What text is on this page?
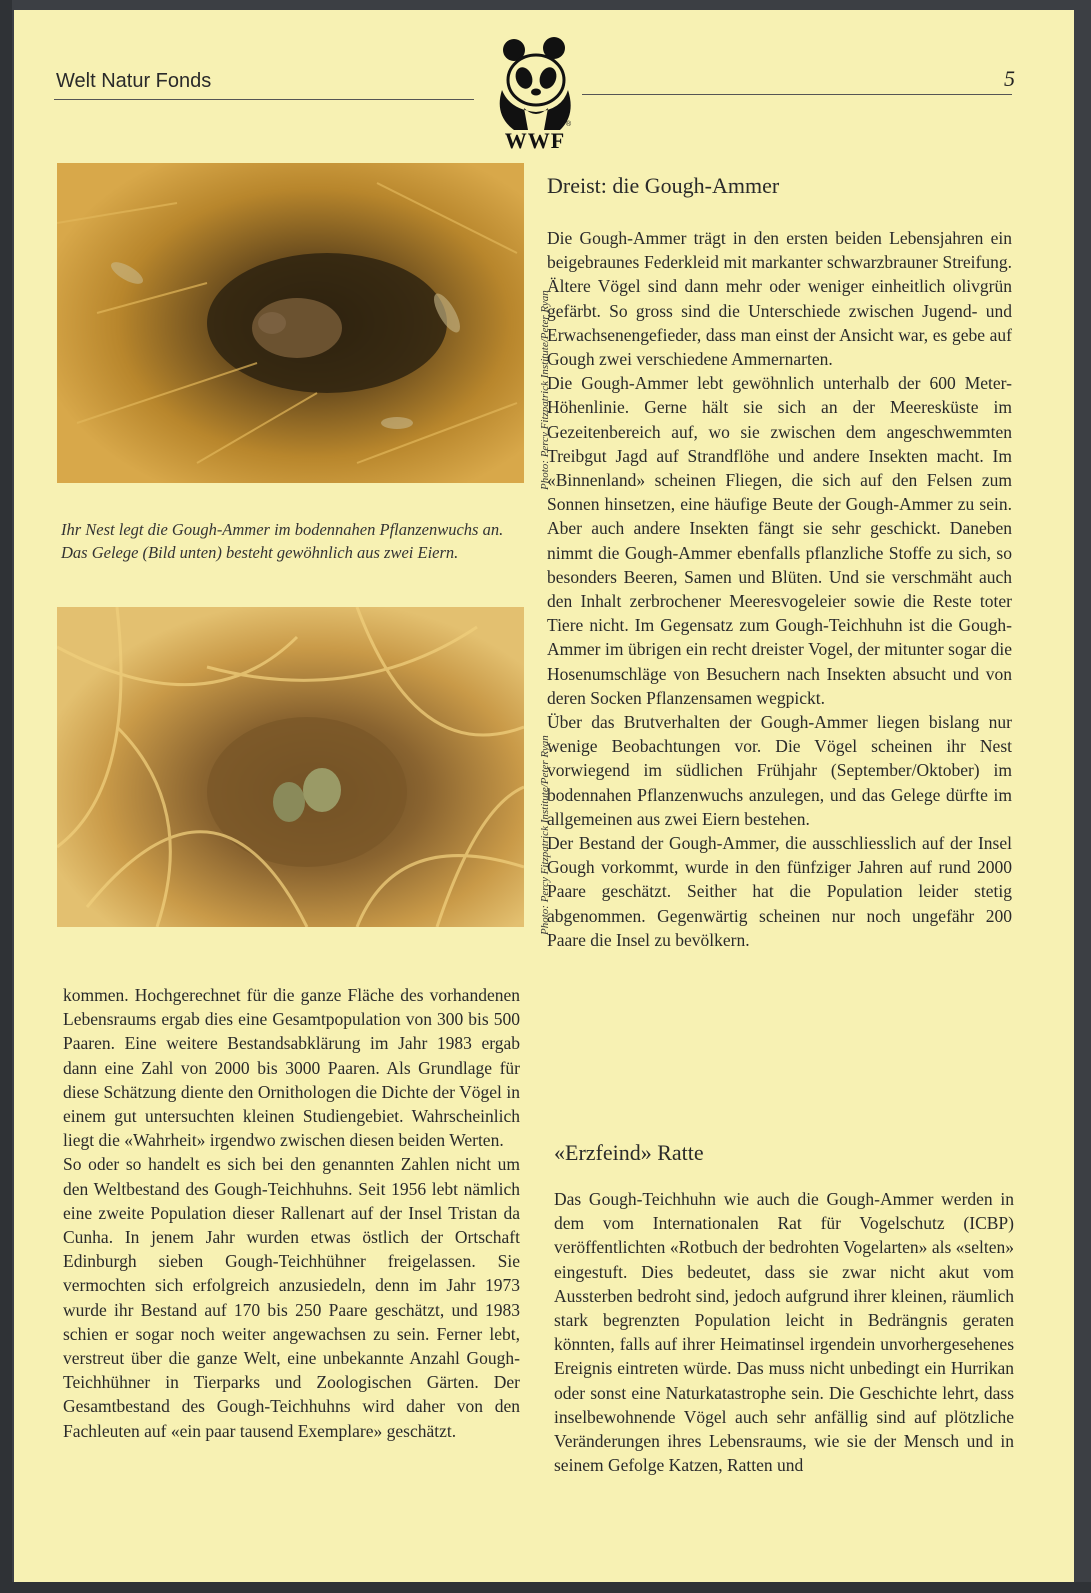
Welt Natur Fonds	5
®
WWF
Photo: Percy Fitzpatrick Institute/Peter Ryan
Ihr Nest legt die Gough-Ammer im bodennahen Pflanzenwuchs an. Das Gelege (Bild unten) besteht gewöhnlich aus zwei Eiern.
Photo: Percy Fitzpatrick Institute/Peter Ryan
Dreist: die Gough-Ammer

Die Gough-Ammer trägt in den ersten beiden Lebensjahren ein beigebraunes Federkleid mit markanter schwarzbrauner Streifung. Ältere Vögel sind dann mehr oder weniger einheitlich olivgrün gefärbt. So gross sind die Unterschiede zwischen Jugend- und Erwachsenengefieder, dass man einst der Ansicht war, es gebe auf Gough zwei verschiedene Ammernarten.

Die Gough-Ammer lebt gewöhnlich unterhalb der 600 Meter-Höhenlinie. Gerne hält sie sich an der Meeresküste im Gezeitenbereich auf, wo sie zwischen dem angeschwemmten Treibgut Jagd auf Strandflöhe und andere Insekten macht. Im «Binnenland» scheinen Fliegen, die sich auf den Felsen zum Sonnen hinsetzen, eine häufige Beute der Gough-Ammer zu sein. Aber auch andere Insekten fängt sie sehr geschickt. Daneben nimmt die Gough-Ammer ebenfalls pflanzliche Stoffe zu sich, so besonders Beeren, Samen und Blüten. Und sie verschmäht auch den Inhalt zerbrochener Meeresvogeleier sowie die Reste toter Tiere nicht. Im Gegensatz zum Gough-Teichhuhn ist die Gough-Ammer im übrigen ein recht dreister Vogel, der mitunter sogar die Hosenumschläge von Besuchern nach Insekten absucht und von deren Socken Pflanzensamen wegpickt.

Über das Brutverhalten der Gough-Ammer liegen bislang nur wenige Beobachtungen vor. Die Vögel scheinen ihr Nest vorwiegend im südlichen Frühjahr (September/Oktober) im bodennahen Pflanzenwuchs anzulegen, und das Gelege dürfte im allgemeinen aus zwei Eiern bestehen.

Der Bestand der Gough-Ammer, die ausschliesslich auf der Insel Gough vorkommt, wurde in den fünfziger Jahren auf rund 2000 Paare geschätzt. Seither hat die Population leider stetig abgenommen. Gegenwärtig scheinen nur noch ungefähr 200 Paare die Insel zu bevölkern.

«Erzfeind» Ratte

Das Gough-Teichhuhn wie auch die Gough-Ammer werden in dem vom Internationalen Rat für Vogelschutz (ICBP) veröffentlichten «Rotbuch der bedrohten Vogelarten» als «selten» eingestuft. Dies bedeutet, dass sie zwar nicht akut vom Aussterben bedroht sind, jedoch aufgrund ihrer kleinen, räumlich stark begrenzten Population leicht in Bedrängnis geraten könnten, falls auf ihrer Heimatinsel irgendein unvorhergesehenes Ereignis eintreten würde. Das muss nicht unbedingt ein Hurrikan oder sonst eine Naturkatastrophe sein. Die Geschichte lehrt, dass inselbewohnende Vögel auch sehr anfällig sind auf plötzliche Veränderungen ihres Lebensraums, wie sie der Mensch und in seinem Gefolge Katzen, Ratten und

kommen. Hochgerechnet für die ganze Fläche des vorhandenen Lebensraums ergab dies eine Gesamtpopulation von 300 bis 500 Paaren. Eine weitere Bestandsabklärung im Jahr 1983 ergab dann eine Zahl von 2000 bis 3000 Paaren. Als Grundlage für diese Schätzung diente den Ornithologen die Dichte der Vögel in einem gut untersuchten kleinen Studiengebiet. Wahrscheinlich liegt die «Wahrheit» irgendwo zwischen diesen beiden Werten.

So oder so handelt es sich bei den genannten Zahlen nicht um den Weltbestand des Gough-Teichhuhns. Seit 1956 lebt nämlich eine zweite Population dieser Rallenart auf der Insel Tristan da Cunha. In jenem Jahr wurden etwas östlich der Ortschaft Edinburgh sieben Gough-Teichhühner freigelassen. Sie vermochten sich erfolgreich anzusiedeln, denn im Jahr 1973 wurde ihr Bestand auf 170 bis 250 Paare geschätzt, und 1983 schien er sogar noch weiter angewachsen zu sein. Ferner lebt, verstreut über die ganze Welt, eine unbekannte Anzahl Gough-Teichhühner in Tierparks und Zoologischen Gärten. Der Gesamtbestand des Gough-Teichhuhns wird daher von den Fachleuten auf «ein paar tausend Exemplare» geschätzt.
